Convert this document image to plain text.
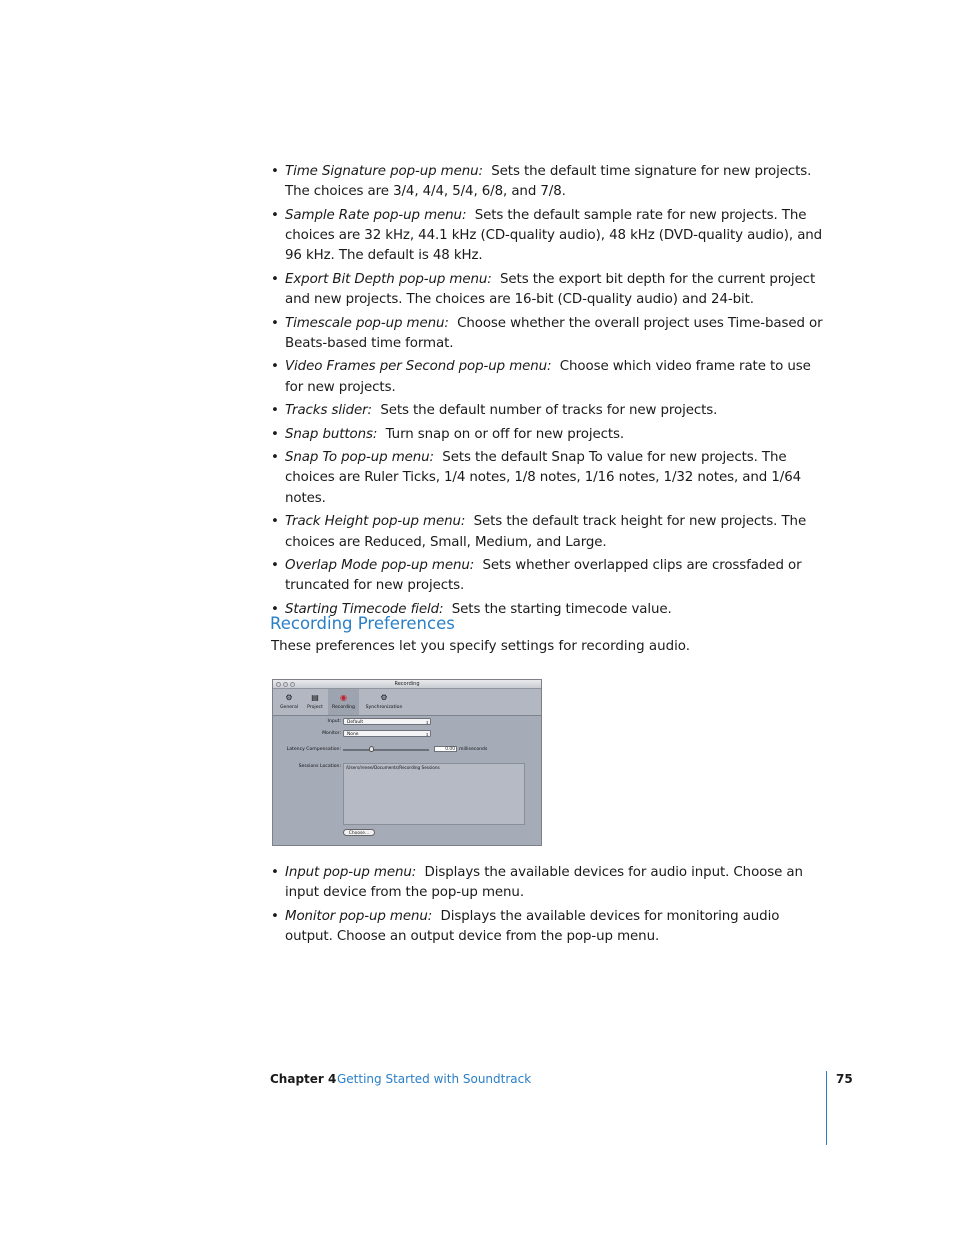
• Time Signature pop-up menu: Sets the default time signature for new projects. The choices are 3/4, 4/4, 5/4, 6/8, and 7/8.
• Sample Rate pop-up menu: Sets the default sample rate for new projects. The choices are 32 kHz, 44.1 kHz (CD-quality audio), 48 kHz (DVD-quality audio), and 96 kHz. The default is 48 kHz.
• Export Bit Depth pop-up menu: Sets the export bit depth for the current project and new projects. The choices are 16-bit (CD-quality audio) and 24-bit.
• Timescale pop-up menu: Choose whether the overall project uses Time-based or Beats-based time format.
• Video Frames per Second pop-up menu: Choose which video frame rate to use for new projects.
• Tracks slider: Sets the default number of tracks for new projects.
• Snap buttons: Turn snap on or off for new projects.
• Snap To pop-up menu: Sets the default Snap To value for new projects. The choices are Ruler Ticks, 1/4 notes, 1/8 notes, 1/16 notes, 1/32 notes, and 1/64 notes.
• Track Height pop-up menu: Sets the default track height for new projects. The choices are Reduced, Small, Medium, and Large.
• Overlap Mode pop-up menu: Sets whether overlapped clips are crossfaded or truncated for new projects.
• Starting Timecode field: Sets the starting timecode value.
Recording Preferences

These preferences let you specify settings for recording audio.

Recording
⚙
General
▤
Project
◉
Recording
⚙
Synchronization
Input:	Default	⇕
Monitor:	None	⇕
Latency Compensation:	0.00 milliseconds
Sessions Location:	/Users/renee/Documents/Recording Sessions
Choose...
• Input pop-up menu: Displays the available devices for audio input. Choose an input device from the pop-up menu.
• Monitor pop-up menu: Displays the available devices for monitoring audio output. Choose an output device from the pop-up menu.
Chapter 4 Getting Started with Soundtrack	75
